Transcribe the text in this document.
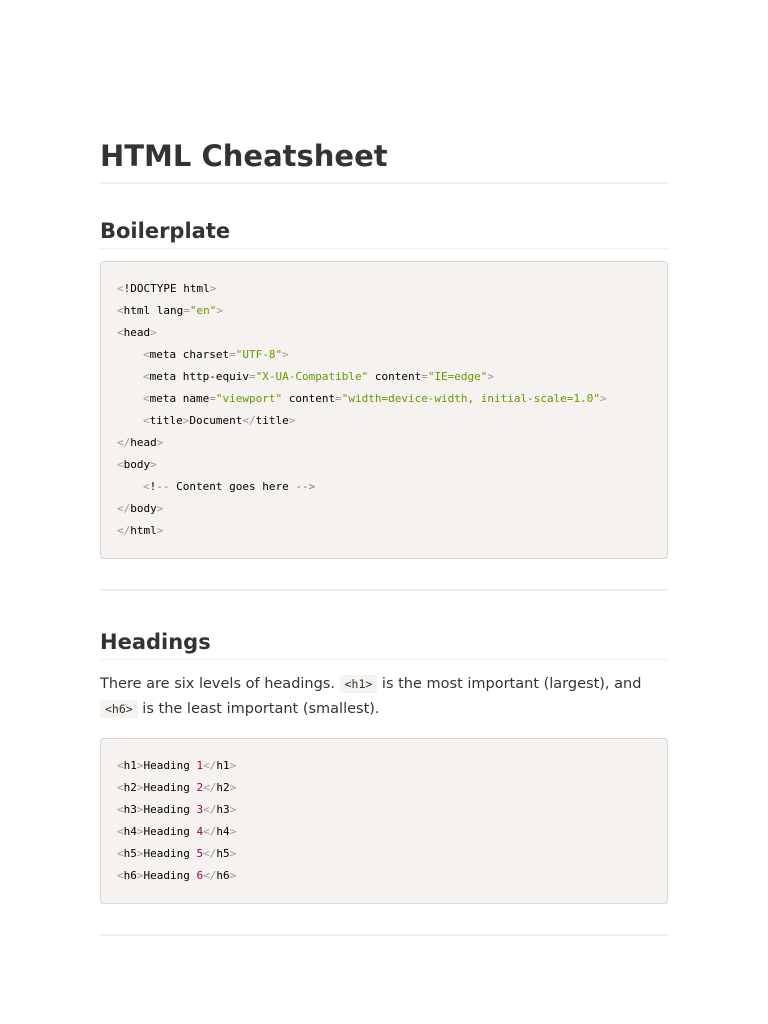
HTML Cheatsheet
Boilerplate
<!DOCTYPE html>
<html lang="en">
<head>
<meta charset="UTF-8">
<meta http-equiv="X-UA-Compatible" content="IE=edge">
<meta name="viewport" content="width=device-width, initial-scale=1.0">
<title>Document</title>
</head>
<body>
<!-- Content goes here -->
</body>
</html>
Headings

There are six levels of headings. <h1> is the most important (largest), and <h6> is the least important (smallest).

<h1>Heading 1</h1>
<h2>Heading 2</h2>
<h3>Heading 3</h3>
<h4>Heading 4</h4>
<h5>Heading 5</h5>
<h6>Heading 6</h6>
